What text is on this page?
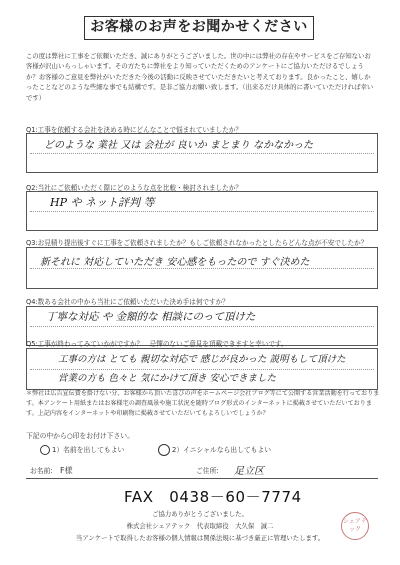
お客様のお声をお聞かせください
この度は弊社に工事をご依頼いただき、誠にありがとうございました。世の中には弊社の存在やサービスをご存知ないお客様が沢山いらっしゃいます。その方たちに弊社をより知っていただくためのアンケートにご協力いただけるでしょうか？お客様のご意見を弊社がいただきた今後の活動に反映させていただきたいと考えております。良かったこと、嬉しかったことなどのような些細な事でも結構です。是非ご協力お願い致します。（出来るだけ具体的に書いていただければ幸いです）
Q1:工事を依頼する会社を決める時にどんなことで悩まれていましたか？
どのような 業社 又は 会社が 良いか まとまり なかなかった
Q2:当社にご依頼いただく際にどのような点を比較・検討されましたか？
HP や ネット評判 等
Q3:お見積り提出後すぐに工事をご依頼されましたか？もしご依頼されなかったとしたらどんな点が不安でしたか？
新それに 対応していただき 安心感をもったので すぐ決めた
Q4:数ある会社の中から当社にご依頼いただいた決め手は何ですか？
丁寧な対応 や 金額的な 相談にのって頂けた
Q5:工事が終わってみていかがですか？　忌憚のないご意見を頂戴できますと幸いです。
工事の方は とても 親切な対応で 感じが良かった 説明もして頂けた
営業の方も 色々と 気にかけて頂き 安心できました
＊弊社は広告宣伝費を掛けない分、お客様から頂いた喜びの声をホームページ会社ブログ等にて公開する営業活動を行っております。本アンケート用紙またはお客様宅の調査風景や施工状況を随時ブログ形式のインターネットに掲載させていただいております。上記内容をインターネットや印刷物に掲載させていただいてもよろしいでしょうか？
下記の中から○印をお付け下さい。
1）名前を出してもよい	2）イニシャルなら出してもよい
お名前: F様	ご住所: 足立区
FAX　0438－60－7774
ご協力ありがとうございました。
株式会社シェアテック　代表取締役　大久保　誠二
当アンケートで取得したお客様の個人情報は関係法規に基づき厳正に管理いたします。
シェアテック
